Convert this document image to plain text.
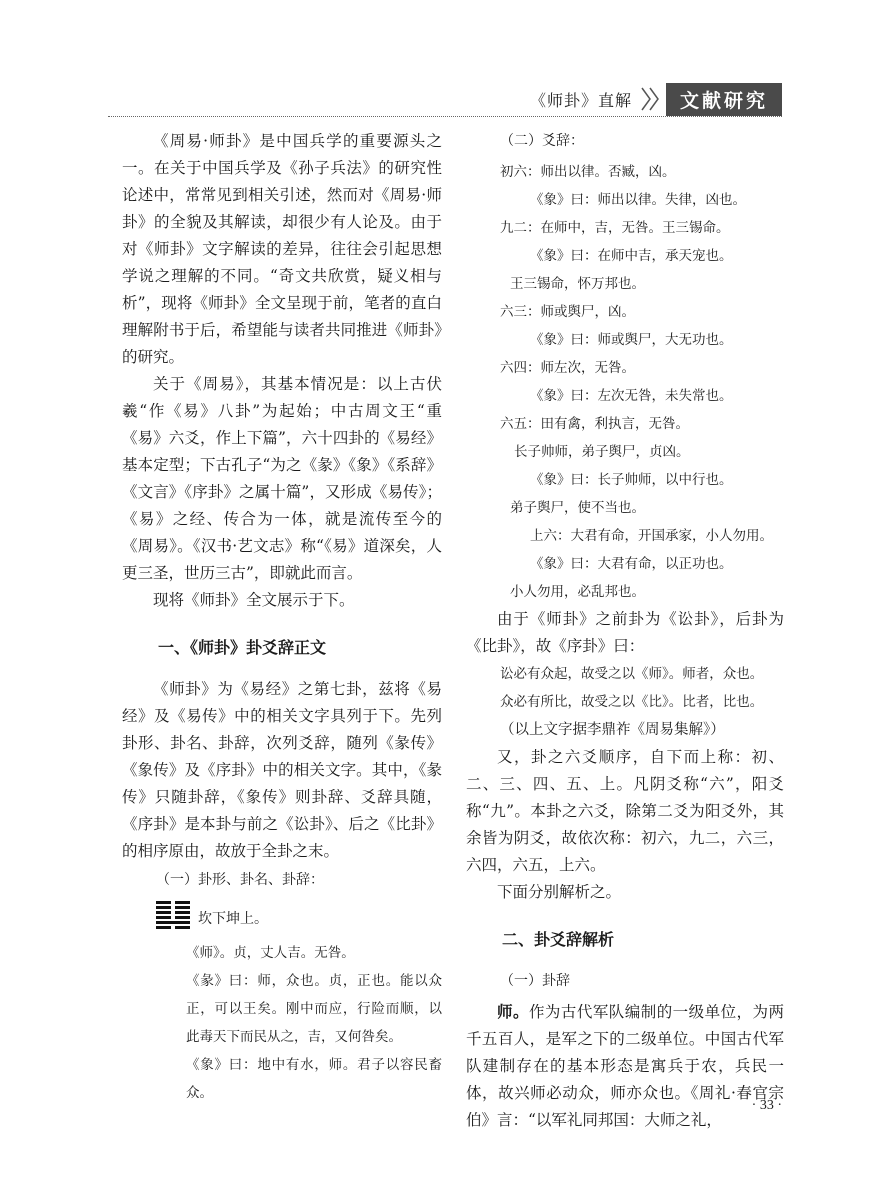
《师卦》直解	文献研究

《周易·师卦》是中国兵学的重要源头之一。在关于中国兵学及《孙子兵法》的研究性论述中，常常见到相关引述，然而对《周易·师卦》的全貌及其解读，却很少有人论及。由于对《师卦》文字解读的差异，往往会引起思想学说之理解的不同。“奇文共欣赏，疑义相与析”，现将《师卦》全文呈现于前，笔者的直白理解附书于后，希望能与读者共同推进《师卦》的研究。

关于《周易》，其基本情况是：以上古伏羲“作《易》八卦”为起始；中古周文王“重《易》六爻，作上下篇”，六十四卦的《易经》基本定型；下古孔子“为之《彖》《象》《系辞》《文言》《序卦》之属十篇”，又形成《易传》；《易》之经、传合为一体，就是流传至今的《周易》。《汉书·艺文志》称“《易》道深矣，人更三圣，世历三古”，即就此而言。

现将《师卦》全文展示于下。

一、《师卦》卦爻辞正文

《师卦》为《易经》之第七卦，兹将《易经》及《易传》中的相关文字具列于下。先列卦形、卦名、卦辞，次列爻辞，随列《彖传》《象传》及《序卦》中的相关文字。其中，《彖传》只随卦辞，《象传》则卦辞、爻辞具随，《序卦》是本卦与前之《讼卦》、后之《比卦》的相序原由，故放于全卦之末。

（一）卦形、卦名、卦辞：
坎下坤上。
《师》。贞，丈人吉。无咎。
《彖》曰：师，众也。贞，正也。能以众正，可以王矣。刚中而应，行险而顺，以此毒天下而民从之，吉，又何咎矣。
《象》曰：地中有水，师。君子以容民畜众。
（二）爻辞：
初六：师出以律。否臧，凶。
《象》曰：师出以律。失律，凶也。
九二：在师中，吉，无咎。王三锡命。
《象》曰：在师中吉，承天宠也。
王三锡命，怀万邦也。
六三：师或舆尸，凶。
《象》曰：师或舆尸，大无功也。
六四：师左次，无咎。
《象》曰：左次无咎，未失常也。
六五：田有禽，利执言，无咎。
长子帅师，弟子舆尸，贞凶。
《象》曰：长子帅师，以中行也。
弟子舆尸，使不当也。
上六：大君有命，开国承家，小人勿用。
《象》曰：大君有命，以正功也。
小人勿用，必乱邦也。

由于《师卦》之前卦为《讼卦》，后卦为《比卦》，故《序卦》曰：

讼必有众起，故受之以《师》。师者，众也。
众必有所比，故受之以《比》。比者，比也。
（以上文字据李鼎祚《周易集解》）

又，卦之六爻顺序，自下而上称：初、二、三、四、五、上。凡阴爻称“六”，阳爻称“九”。本卦之六爻，除第二爻为阳爻外，其余皆为阴爻，故依次称：初六，九二，六三，六四，六五，上六。

下面分别解析之。

二、卦爻辞解析
（一）卦辞

师。作为古代军队编制的一级单位，为两千五百人，是军之下的二级单位。中国古代军队建制存在的基本形态是寓兵于农，兵民一体，故兴师必动众，师亦众也。《周礼·春官宗伯》言：“以军礼同邦国：大师之礼，

· 33 ·
